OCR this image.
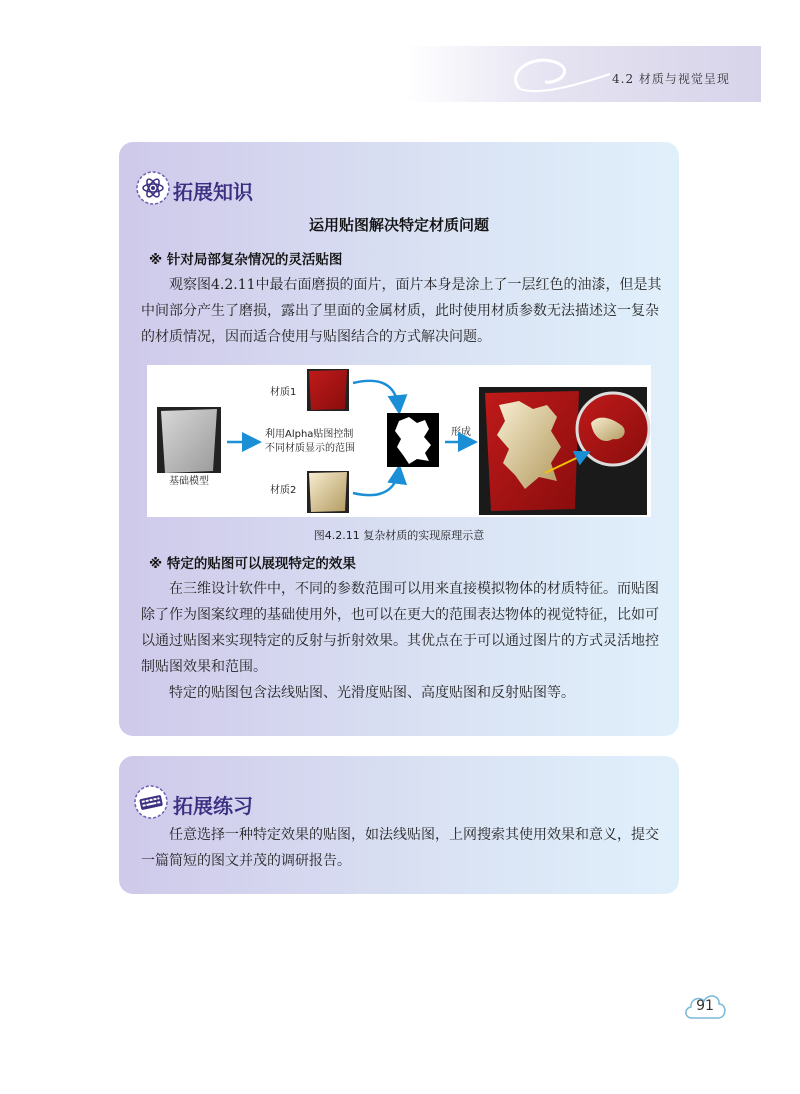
4.2 材质与视觉呈现
拓展知识
运用贴图解决特定材质问题
※ 针对局部复杂情况的灵活贴图

观察图4.2.11中最右面磨损的面片，面片本身是涂上了一层红色的油漆，但是其中间部分产生了磨损，露出了里面的金属材质，此时使用材质参数无法描述这一复杂的材质情况，因而适合使用与贴图结合的方式解决问题。

基础模型
材质1
材质2
利用Alpha贴图控制
不同材质显示的范围
形成
图4.2.11 复杂材质的实现原理示意
※ 特定的贴图可以展现特定的效果

在三维设计软件中，不同的参数范围可以用来直接模拟物体的材质特征。而贴图除了作为图案纹理的基础使用外，也可以在更大的范围表达物体的视觉特征，比如可以通过贴图来实现特定的反射与折射效果。其优点在于可以通过图片的方式灵活地控制贴图效果和范围。

特定的贴图包含法线贴图、光滑度贴图、高度贴图和反射贴图等。

拓展练习

任意选择一种特定效果的贴图，如法线贴图，上网搜索其使用效果和意义，提交一篇简短的图文并茂的调研报告。

91
